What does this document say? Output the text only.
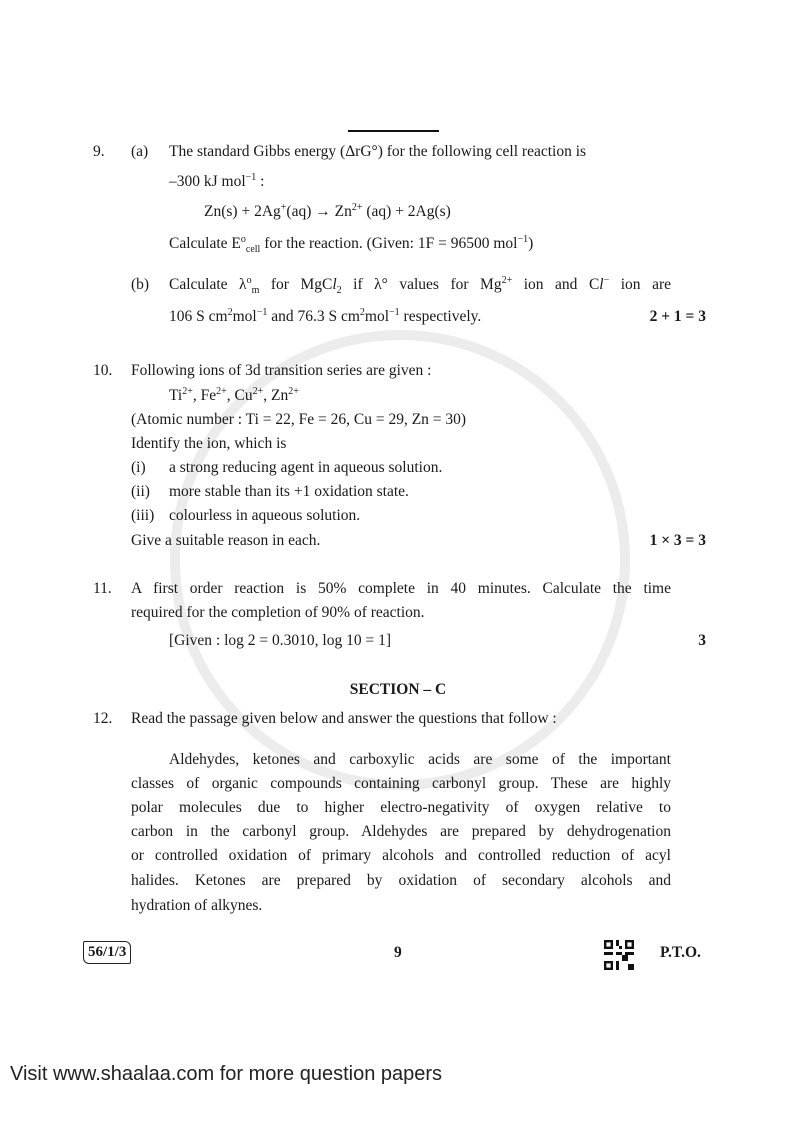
9. (a) The standard Gibbs energy (ΔrG°) for the following cell reaction is
–300 kJ mol$^{-1}$ :
$Zn(s) + 2Ag^+(aq) \to Zn^{2+}$ (aq) + 2Ag(s)
Calculate $E^o_{cell}$ for the reaction. (Given: 1F = 96500 mol$^{-1}$)
(b) Calculate $\lambda^o_m$ for MgCl$_2$ if λ° values for $Mg^{2+}$ ion and Cl− ion are
106 S $cm^2mol^{-1}$ and 76.3 S $cm^2mol^{-1}$ respectively.	2 + 1 = 3
10. Following ions of 3d transition series are given :
$Ti^{2+}$, $Fe^{2+}$, $Cu^{2+}$, $Zn^{2+}$
(Atomic number : Ti = 22, Fe = 26, Cu = 29, Zn = 30)
Identify the ion, which is
(i) a strong reducing agent in aqueous solution.
(ii) more stable than its +1 oxidation state.
(iii) colourless in aqueous solution.
Give a suitable reason in each.	1 × 3 = 3
11. A first order reaction is 50% complete in 40 minutes. Calculate the time
required for the completion of 90% of reaction.
[Given : log 2 = 0.3010, log 10 = 1]	3
SECTION – C
12. Read the passage given below and answer the questions that follow :
Aldehydes, ketones and carboxylic acids are some of the important
classes of organic compounds containing carbonyl group. These are highly
polar molecules due to higher electro-negativity of oxygen relative to
carbon in the carbonyl group. Aldehydes are prepared by dehydrogenation
or controlled oxidation of primary alcohols and controlled reduction of acyl
halides. Ketones are prepared by oxidation of secondary alcohols and
hydration of alkynes.
56/1/3	9	P.T.O.
Visit www.shaalaa.com for more question papers
